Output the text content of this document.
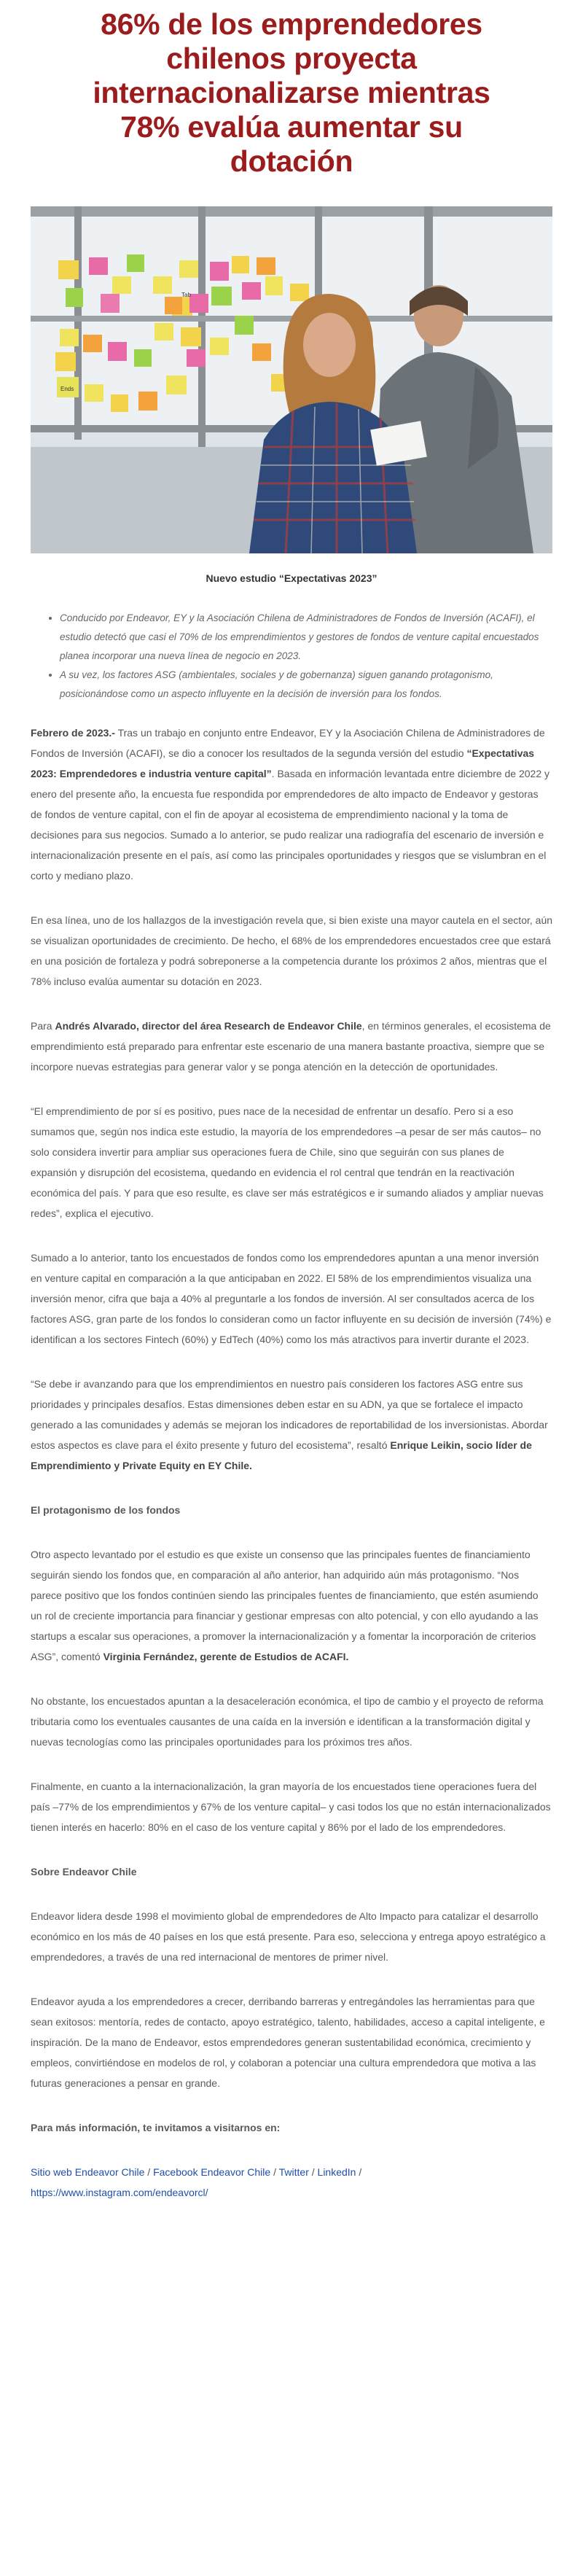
86% de los emprendedores chilenos proyecta internacionalizarse mientras 78% evalúa aumentar su dotación
Tab
Ends
Nuevo estudio “Expectativas 2023”
• Conducido por Endeavor, EY y la Asociación Chilena de Administradores de Fondos de Inversión (ACAFI), el estudio detectó que casi el 70% de los emprendimientos y gestores de fondos de venture capital encuestados planea incorporar una nueva línea de negocio en 2023.
• A su vez, los factores ASG (ambientales, sociales y de gobernanza) siguen ganando protagonismo, posicionándose como un aspecto influyente en la decisión de inversión para los fondos.

Febrero de 2023.- Tras un trabajo en conjunto entre Endeavor, EY y la Asociación Chilena de Administradores de Fondos de Inversión (ACAFI), se dio a conocer los resultados de la segunda versión del estudio “Expectativas 2023: Emprendedores e industria venture capital”. Basada en información levantada entre diciembre de 2022 y enero del presente año, la encuesta fue respondida por emprendedores de alto impacto de Endeavor y gestoras de fondos de venture capital, con el fin de apoyar al ecosistema de emprendimiento nacional y la toma de decisiones para sus negocios. Sumado a lo anterior, se pudo realizar una radiografía del escenario de inversión e internacionalización presente en el país, así como las principales oportunidades y riesgos que se vislumbran en el corto y mediano plazo.

En esa línea, uno de los hallazgos de la investigación revela que, si bien existe una mayor cautela en el sector, aún se visualizan oportunidades de crecimiento. De hecho, el 68% de los emprendedores encuestados cree que estará en una posición de fortaleza y podrá sobreponerse a la competencia durante los próximos 2 años, mientras que el 78% incluso evalúa aumentar su dotación en 2023.

Para Andrés Alvarado, director del área Research de Endeavor Chile, en términos generales, el ecosistema de emprendimiento está preparado para enfrentar este escenario de una manera bastante proactiva, siempre que se incorpore nuevas estrategias para generar valor y se ponga atención en la detección de oportunidades.

“El emprendimiento de por sí es positivo, pues nace de la necesidad de enfrentar un desafío. Pero si a eso sumamos que, según nos indica este estudio, la mayoría de los emprendedores –a pesar de ser más cautos– no solo considera invertir para ampliar sus operaciones fuera de Chile, sino que seguirán con sus planes de expansión y disrupción del ecosistema, quedando en evidencia el rol central que tendrán en la reactivación económica del país. Y para que eso resulte, es clave ser más estratégicos e ir sumando aliados y ampliar nuevas redes”, explica el ejecutivo.

Sumado a lo anterior, tanto los encuestados de fondos como los emprendedores apuntan a una menor inversión en venture capital en comparación a la que anticipaban en 2022. El 58% de los emprendimientos visualiza una inversión menor, cifra que baja a 40% al preguntarle a los fondos de inversión. Al ser consultados acerca de los factores ASG, gran parte de los fondos lo consideran como un factor influyente en su decisión de inversión (74%) e identifican a los sectores Fintech (60%) y EdTech (40%) como los más atractivos para invertir durante el 2023.

“Se debe ir avanzando para que los emprendimientos en nuestro país consideren los factores ASG entre sus prioridades y principales desafíos. Estas dimensiones deben estar en su ADN, ya que se fortalece el impacto generado a las comunidades y además se mejoran los indicadores de reportabilidad de los inversionistas. Abordar estos aspectos es clave para el éxito presente y futuro del ecosistema”, resaltó Enrique Leikin, socio líder de Emprendimiento y Private Equity en EY Chile.

El protagonismo de los fondos

Otro aspecto levantado por el estudio es que existe un consenso que las principales fuentes de financiamiento seguirán siendo los fondos que, en comparación al año anterior, han adquirido aún más protagonismo. “Nos parece positivo que los fondos continúen siendo las principales fuentes de financiamiento, que estén asumiendo un rol de creciente importancia para financiar y gestionar empresas con alto potencial, y con ello ayudando a las startups a escalar sus operaciones, a promover la internacionalización y a fomentar la incorporación de criterios ASG”, comentó Virginia Fernández, gerente de Estudios de ACAFI.

No obstante, los encuestados apuntan a la desaceleración económica, el tipo de cambio y el proyecto de reforma tributaria como los eventuales causantes de una caída en la inversión e identifican a la transformación digital y nuevas tecnologías como las principales oportunidades para los próximos tres años.

Finalmente, en cuanto a la internacionalización, la gran mayoría de los encuestados tiene operaciones fuera del país –77% de los emprendimientos y 67% de los venture capital– y casi todos los que no están internacionalizados tienen interés en hacerlo: 80% en el caso de los venture capital y 86% por el lado de los emprendedores.

Sobre Endeavor Chile

Endeavor lidera desde 1998 el movimiento global de emprendedores de Alto Impacto para catalizar el desarrollo económico en los más de 40 países en los que está presente. Para eso, selecciona y entrega apoyo estratégico a emprendedores, a través de una red internacional de mentores de primer nivel.

Endeavor ayuda a los emprendedores a crecer, derribando barreras y entregándoles las herramientas para que sean exitosos: mentoría, redes de contacto, apoyo estratégico, talento, habilidades, acceso a capital inteligente, e inspiración. De la mano de Endeavor, estos emprendedores generan sustentabilidad económica, crecimiento y empleos, convirtiéndose en modelos de rol, y colaboran a potenciar una cultura emprendedora que motiva a las futuras generaciones a pensar en grande.

Para más información, te invitamos a visitarnos en:

Sitio web Endeavor Chile / Facebook Endeavor Chile / Twitter / LinkedIn /
https://www.instagram.com/endeavorcl/
